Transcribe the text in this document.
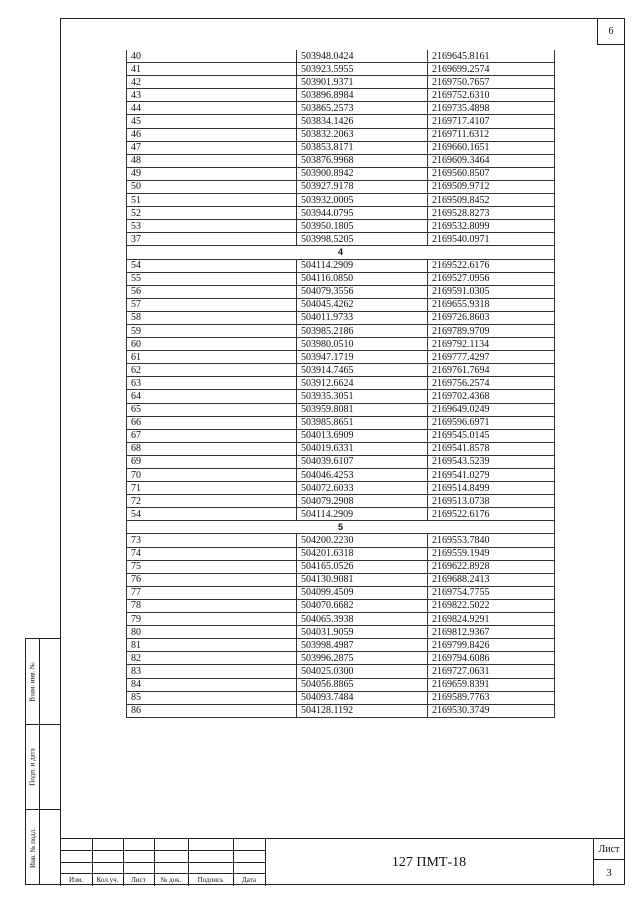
6
40	503948.0424	2169645.8161
41	503923.5955	2169699.2574
42	503901.9371	2169750.7657
43	503896.8984	2169752.6310
44	503865.2573	2169735.4898
45	503834.1426	2169717.4107
46	503832.2063	2169711.6312
47	503853.8171	2169660.1651
48	503876.9968	2169609.3464
49	503900.8942	2169560.8507
50	503927.9178	2169509.9712
51	503932.0005	2169509.8452
52	503944.0795	2169528.8273
53	503950.1805	2169532.8099
37	503998.5205	2169540.0971
4		
54	504114.2909	2169522.6176
55	504116.0850	2169527.0956
56	504079.3556	2169591.0305
57	504045.4262	2169655.9318
58	504011.9733	2169726.8603
59	503985.2186	2169789.9709
60	503980.0510	2169792.1134
61	503947.1719	2169777.4297
62	503914.7465	2169761.7694
63	503912.6624	2169756.2574
64	503935.3051	2169702.4368
65	503959.8081	2169649.0249
66	503985.8651	2169596.6971
67	504013.6909	2169545.0145
68	504019.6331	2169541.8578
69	504039.6107	2169543.5239
70	504046.4253	2169541.0279
71	504072.6033	2169514.8499
72	504079.2908	2169513.0738
54	504114.2909	2169522.6176
5		
73	504200.2230	2169553.7840
74	504201.6318	2169559.1949
75	504165.0526	2169622.8928
76	504130.9081	2169688.2413
77	504099.4509	2169754.7755
78	504070.6682	2169822.5022
79	504065.3938	2169824.9291
80	504031.9059	2169812.9367
81	503998.4987	2169799.8426
82	503996.2875	2169794.6086
83	504025.0300	2169727.0631
84	504056.8865	2169659.8391
85	504093.7484	2169589.7763
86	504128.1192	2169530.3749
Взам. инв. №
Подп. и дата
Инв. № подл.
Изм.	Кол.уч.	Лист	№ док.	Подпись	Дата
127 ПМТ-18
Лист
3
